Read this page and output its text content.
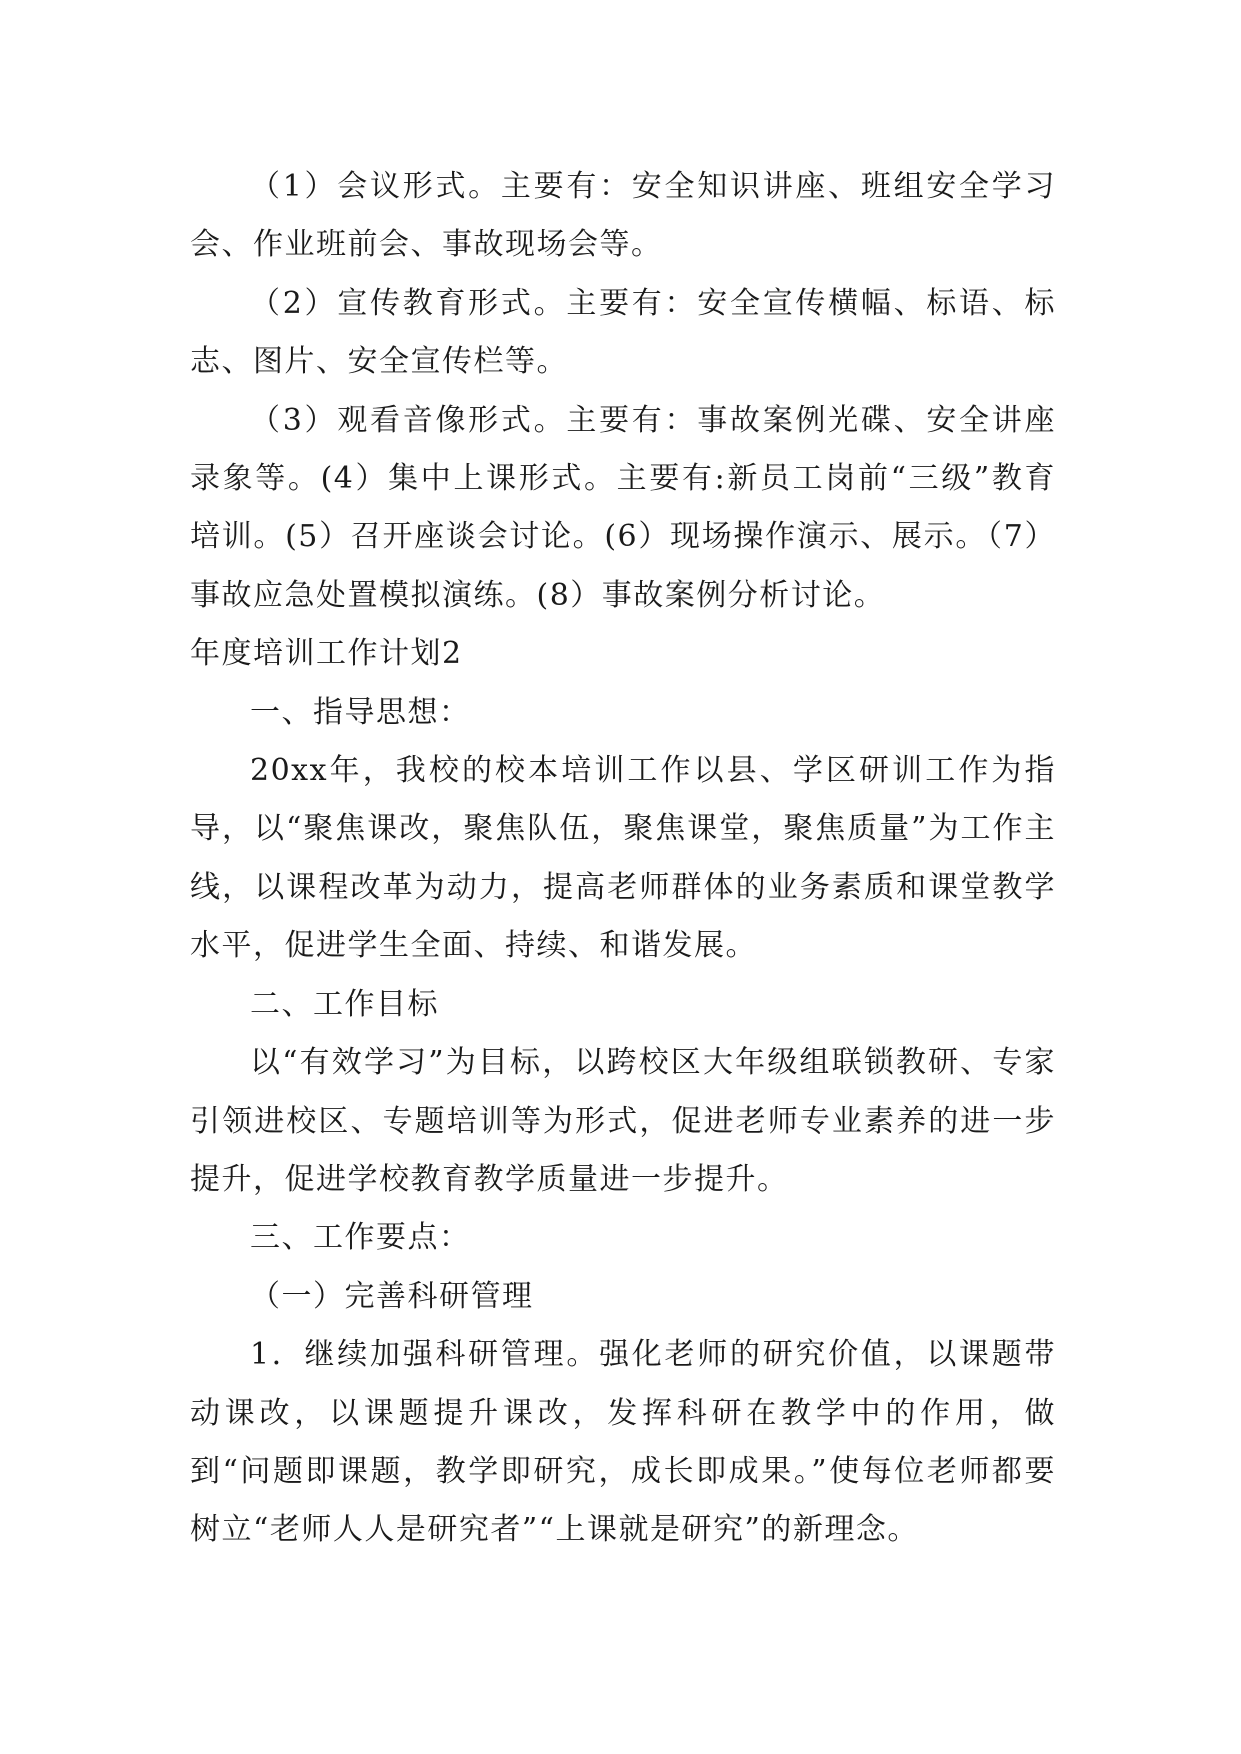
（1）会议形式。主要有：安全知识讲座、班组安全学习会、作业班前会、事故现场会等。

（2）宣传教育形式。主要有：安全宣传横幅、标语、标志、图片、安全宣传栏等。

（3）观看音像形式。主要有：事故案例光碟、安全讲座录象等。(4）集中上课形式。主要有:新员工岗前“三级”教育培训。(5）召开座谈会讨论。(6）现场操作演示、展示。（7）事故应急处置模拟演练。(8）事故案例分析讨论。

年度培训工作计划2

一、指导思想：

20xx年，我校的校本培训工作以县、学区研训工作为指导，以“聚焦课改，聚焦队伍，聚焦课堂，聚焦质量”为工作主线，以课程改革为动力，提高老师群体的业务素质和课堂教学水平，促进学生全面、持续、和谐发展。

二、工作目标

以“有效学习”为目标，以跨校区大年级组联锁教研、专家引领进校区、专题培训等为形式，促进老师专业素养的进一步提升，促进学校教育教学质量进一步提升。

三、工作要点：

（一）完善科研管理

1．继续加强科研管理。强化老师的研究价值，以课题带动课改，以课题提升课改，发挥科研在教学中的作用，做到“问题即课题，教学即研究，成长即成果。”使每位老师都要树立“老师人人是研究者”“上课就是研究”的新理念。
